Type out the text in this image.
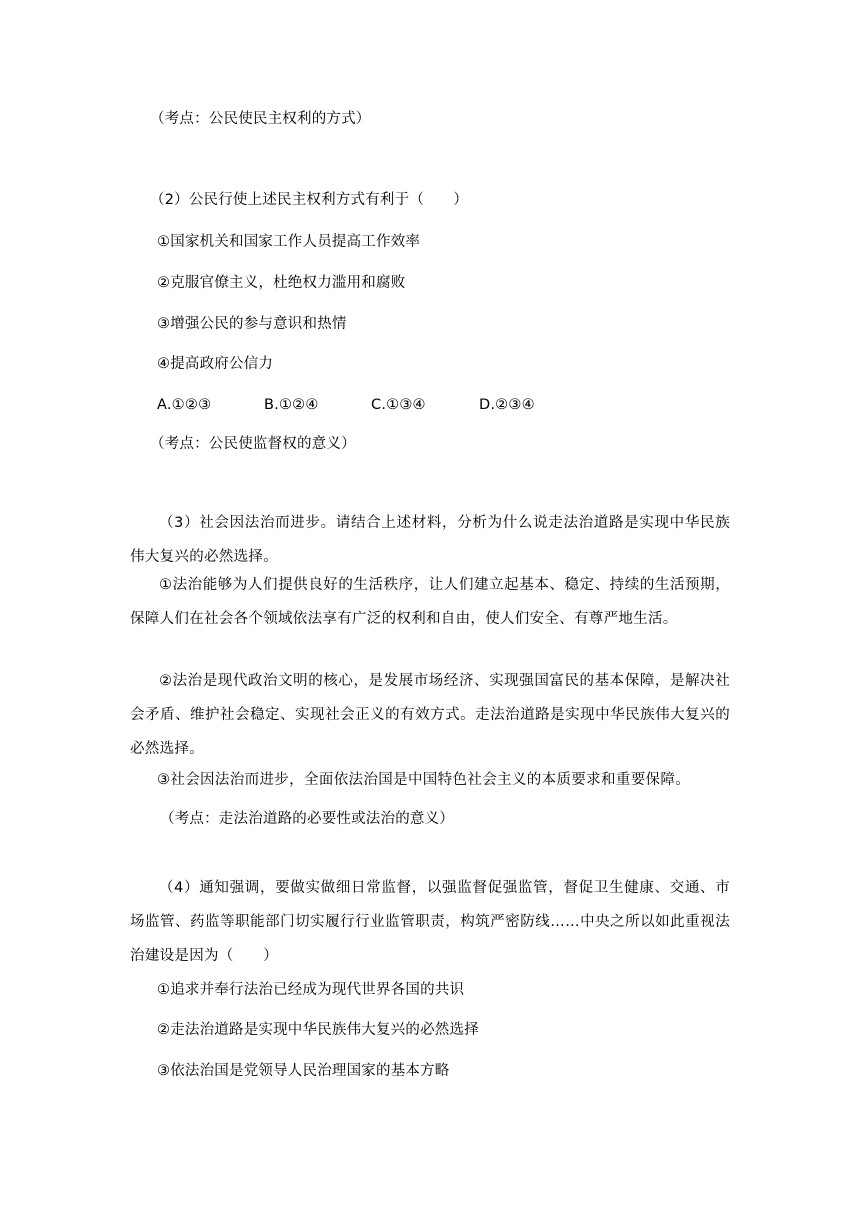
（考点：公民使民主权利的方式）
（2）公民行使上述民主权利方式有利于（　　）
①国家机关和国家工作人员提高工作效率
②克服官僚主义，杜绝权力滥用和腐败
③增强公民的参与意识和热情
④提高政府公信力
A.①②③	B.①②④	C.①③④	D.②③④
（考点：公民使监督权的意义）
（3）社会因法治而进步。请结合上述材料，分析为什么说走法治道路是实现中华民族伟大复兴的必然选择。
①法治能够为人们提供良好的生活秩序，让人们建立起基本、稳定、持续的生活预期，保障人们在社会各个领域依法享有广泛的权利和自由，使人们安全、有尊严地生活。
②法治是现代政治文明的核心，是发展市场经济、实现强国富民的基本保障，是解决社会矛盾、维护社会稳定、实现社会正义的有效方式。走法治道路是实现中华民族伟大复兴的必然选择。
③社会因法治而进步，全面依法治国是中国特色社会主义的本质要求和重要保障。
（考点：走法治道路的必要性或法治的意义）
（4）通知强调，要做实做细日常监督，以强监督促强监管，督促卫生健康、交通、市场监管、药监等职能部门切实履行行业监管职责，构筑严密防线……中央之所以如此重视法治建设是因为（　　）
①追求并奉行法治已经成为现代世界各国的共识
②走法治道路是实现中华民族伟大复兴的必然选择
③依法治国是党领导人民治理国家的基本方略
